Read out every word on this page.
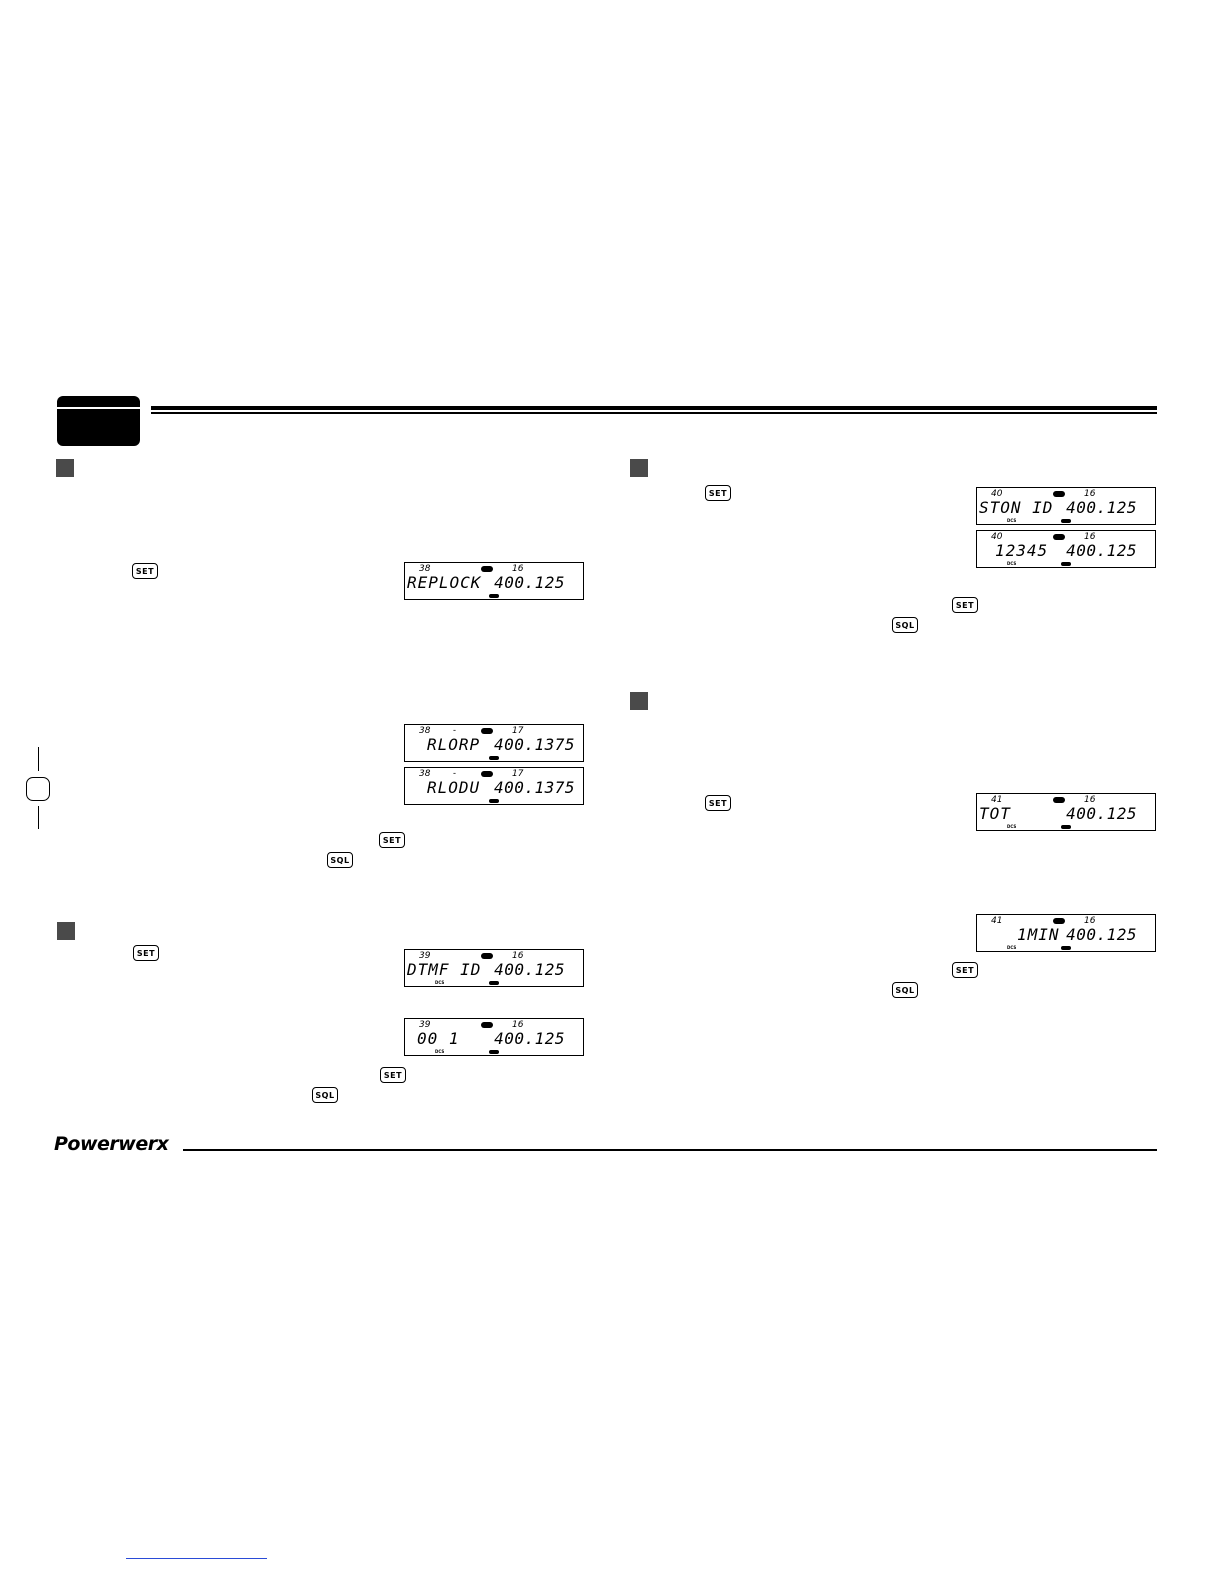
SET
SET
SQL
SET
SET
SQL
SET
SET
SQL
SET
SET
SQL
38	16
REPLOCK 400.125
38	-	17
RLORP 400.1375
38	-	17
RLODU 400.1375
39	16
DTMF ID 400.125
DCS
39	16
00 1 400.125
DCS
40	16
STON ID 400.125
DCS
40	16
12345 400.125
DCS
41	16
TOT	400.125
DCS
41	16
1MIN 400.125
DCS
Powerwerx
